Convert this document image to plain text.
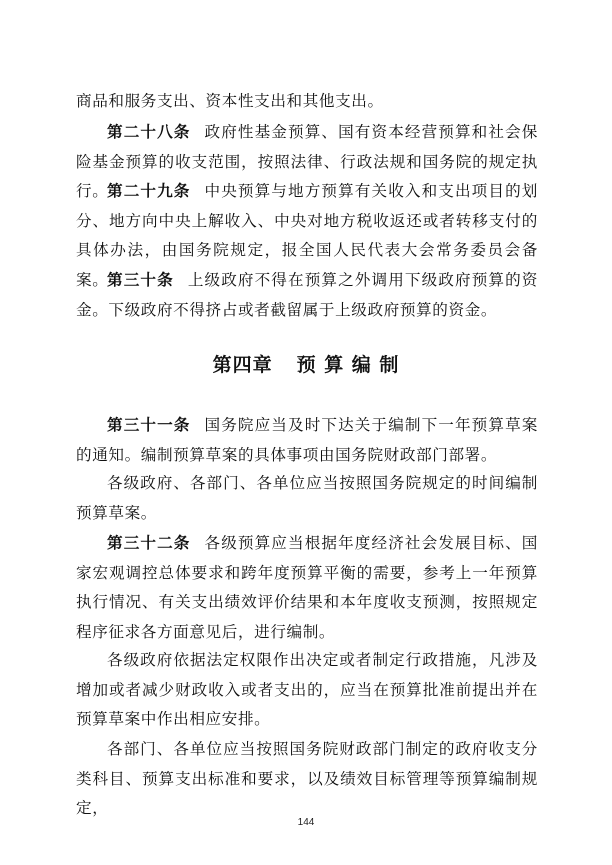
商品和服务支出、资本性支出和其他支出。

第二十八条 政府性基金预算、国有资本经营预算和社会保险基金预算的收支范围，按照法律、行政法规和国务院的规定执行。

第二十九条 中央预算与地方预算有关收入和支出项目的划分、地方向中央上解收入、中央对地方税收返还或者转移支付的具体办法，由国务院规定，报全国人民代表大会常务委员会备案。

第三十条 上级政府不得在预算之外调用下级政府预算的资金。下级政府不得挤占或者截留属于上级政府预算的资金。

第四章 预 算 编 制

第三十一条 国务院应当及时下达关于编制下一年预算草案的通知。编制预算草案的具体事项由国务院财政部门部署。

各级政府、各部门、各单位应当按照国务院规定的时间编制预算草案。

第三十二条 各级预算应当根据年度经济社会发展目标、国家宏观调控总体要求和跨年度预算平衡的需要，参考上一年预算执行情况、有关支出绩效评价结果和本年度收支预测，按照规定程序征求各方面意见后，进行编制。

各级政府依据法定权限作出决定或者制定行政措施，凡涉及增加或者减少财政收入或者支出的，应当在预算批准前提出并在预算草案中作出相应安排。

各部门、各单位应当按照国务院财政部门制定的政府收支分类科目、预算支出标准和要求，以及绩效目标管理等预算编制规定，

144
